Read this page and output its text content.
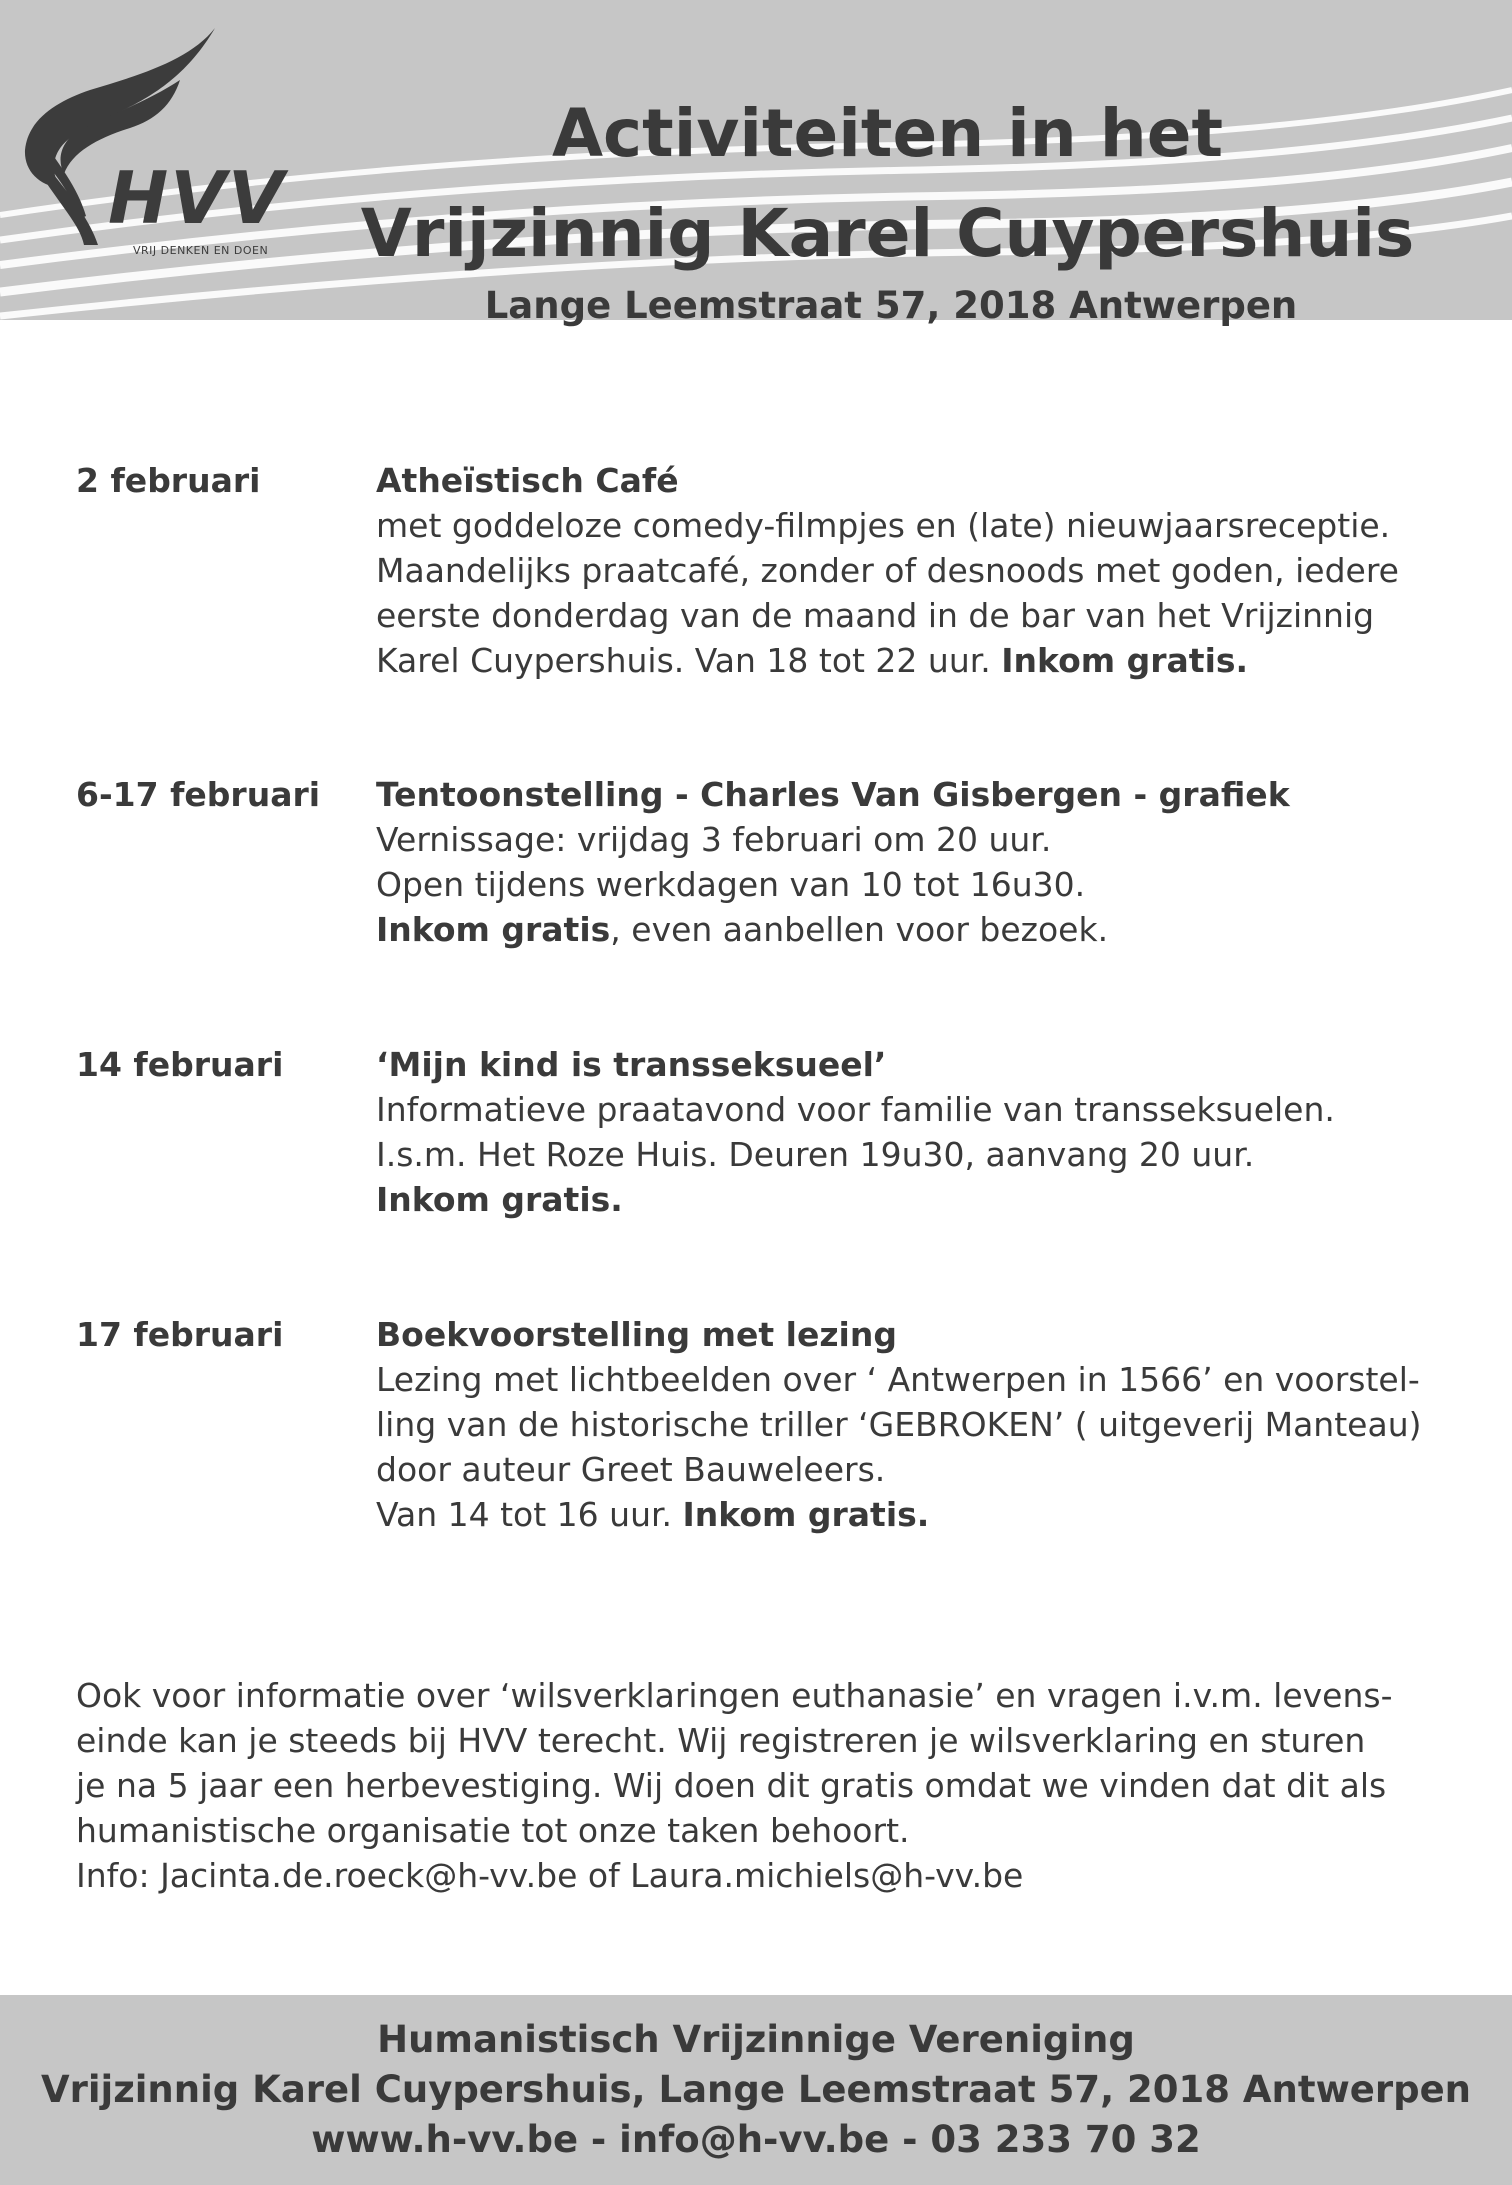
HVV
VRIJ DENKEN EN DOEN
Activiteiten in het
Vrijzinnig Karel Cuypershuis

Lange Leemstraat 57, 2018 Antwerpen

2 februari	Atheïstisch Café
met goddeloze comedy-filmpjes en (late) nieuwjaarsreceptie.
Maandelijks praatcafé, zonder of desnoods met goden, iedere
eerste donderdag van de maand in de bar van het Vrijzinnig
Karel Cuypershuis. Van 18 tot 22 uur. Inkom gratis.
6-17 februari Tentoonstelling - Charles Van Gisbergen - grafiek
Vernissage: vrijdag 3 februari om 20 uur.
Open tijdens werkdagen van 10 tot 16u30.
Inkom gratis, even aanbellen voor bezoek.
14 februari	‘Mijn kind is transseksueel’
Informatieve praatavond voor familie van transseksuelen.
I.s.m. Het Roze Huis. Deuren 19u30, aanvang 20 uur.
Inkom gratis.
17 februari	Boekvoorstelling met lezing
Lezing met lichtbeelden over ‘ Antwerpen in 1566’ en voorstel-
ling van de historische triller ‘GEBROKEN’ ( uitgeverij Manteau)
door auteur Greet Bauweleers.
Van 14 tot 16 uur. Inkom gratis.
Ook voor informatie over ‘wilsverklaringen euthanasie’ en vragen i.v.m. levens-
einde kan je steeds bij HVV terecht. Wij registreren je wilsverklaring en sturen
je na 5 jaar een herbevestiging. Wij doen dit gratis omdat we vinden dat dit als
humanistische organisatie tot onze taken behoort.
Info: Jacinta.de.roeck@h-vv.be of Laura.michiels@h-vv.be
Humanistisch Vrijzinnige Vereniging
Vrijzinnig Karel Cuypershuis, Lange Leemstraat 57, 2018 Antwerpen
www.h-vv.be - info@h-vv.be - 03 233 70 32
